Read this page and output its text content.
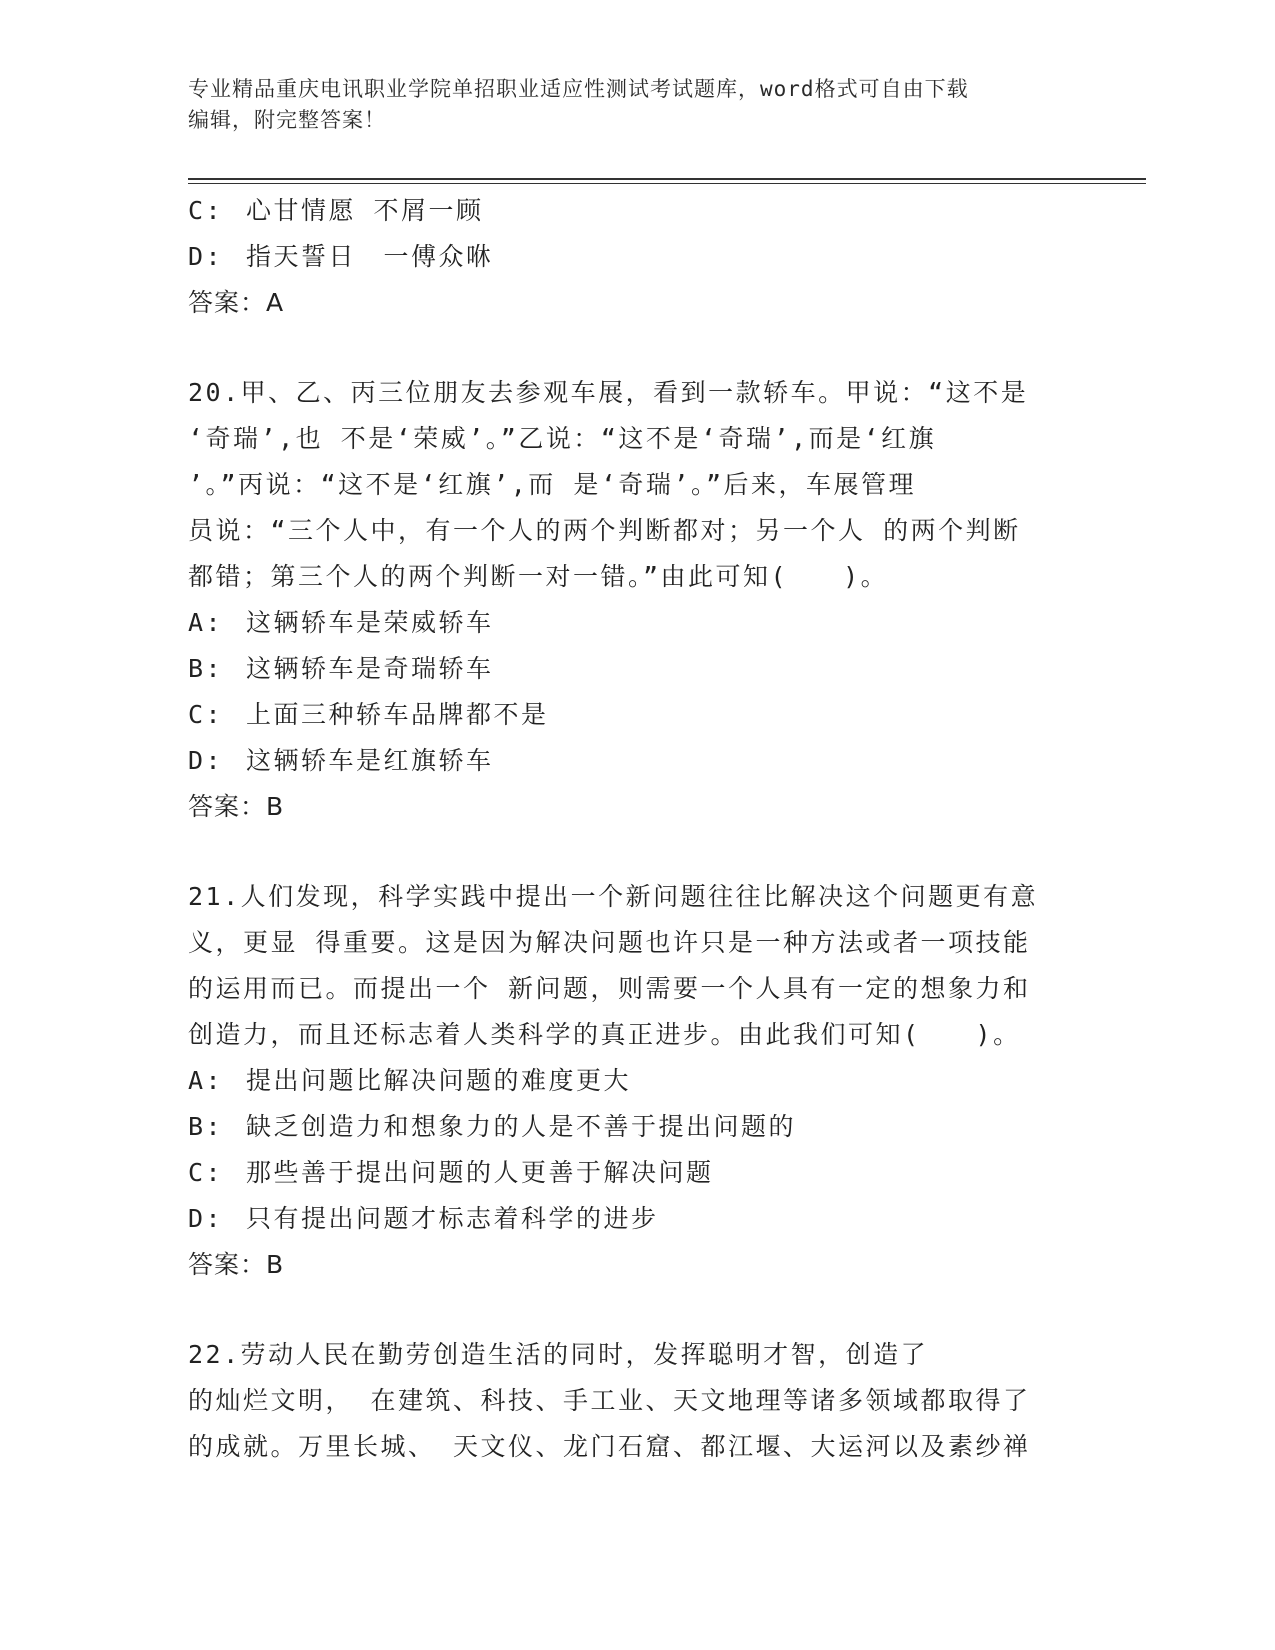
专业精品重庆电讯职业学院单招职业适应性测试考试题库，word格式可自由下载
编辑，附完整答案！
C: 心甘情愿 不屑一顾
D: 指天誓日　一傅众咻
答案：A
20.甲、乙、丙三位朋友去参观车展，看到一款轿车。甲说：“这不是
‘奇瑞’,也 不是‘荣威’。”乙说：“这不是‘奇瑞’,而是‘红旗
’。”丙说：“这不是‘红旗’,而 是‘奇瑞’。”后来，车展管理
员说：“三个人中，有一个人的两个判断都对；另一个人 的两个判断
都错；第三个人的两个判断一对一错。”由此可知(　　)。
A: 这辆轿车是荣威轿车
B: 这辆轿车是奇瑞轿车
C: 上面三种轿车品牌都不是
D: 这辆轿车是红旗轿车
答案：B
21.人们发现，科学实践中提出一个新问题往往比解决这个问题更有意
义，更显 得重要。这是因为解决问题也许只是一种方法或者一项技能
的运用而已。而提出一个 新问题，则需要一个人具有一定的想象力和
创造力，而且还标志着人类科学的真正进步。由此我们可知(　　)。
A: 提出问题比解决问题的难度更大
B: 缺乏创造力和想象力的人是不善于提出问题的
C: 那些善于提出问题的人更善于解决问题
D: 只有提出问题才标志着科学的进步
答案：B
22.劳动人民在勤劳创造生活的同时，发挥聪明才智，创造了
的灿烂文明， 在建筑、科技、手工业、天文地理等诸多领域都取得了
的成就。万里长城、 天文仪、龙门石窟、都江堰、大运河以及素纱禅
